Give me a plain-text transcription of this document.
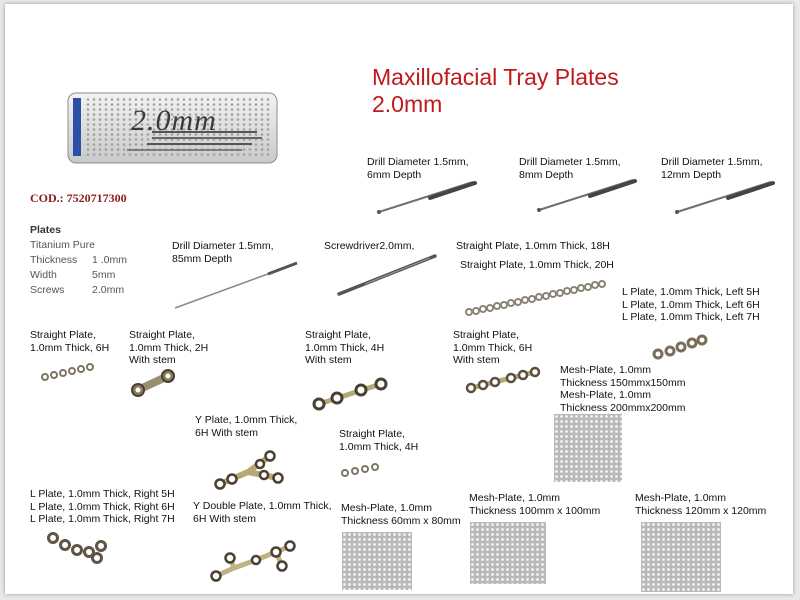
Maxillofacial Tray Plates
2.0mm
2.0mm
COD.: 7520717300
Plates
Titanium Pure
Thickness 1 .0mm
Width	5mm
Screws	2.0mm
Drill Diameter 1.5mm,
6mm Depth
Drill Diameter 1.5mm,
8mm Depth
Drill Diameter 1.5mm,
12mm Depth
Drill Diameter 1.5mm,
85mm Depth
Screwdriver2.0mm,	Straight Plate, 1.0mm Thick, 18H
Straight Plate, 1.0mm Thick, 20H
L Plate, 1.0mm Thick, Left 5H
L Plate, 1.0mm Thick, Left 6H
L Plate, 1.0mm Thick, Left 7H
Straight Plate,
1.0mm Thick, 6H
Straight Plate,
1.0mm Thick, 2H
With stem
Straight Plate,
1.0mm Thick, 4H
With stem
Straight Plate,
1.0mm Thick, 6H
With stem
Mesh-Plate, 1.0mm
Thickness 150mmx150mm
Mesh-Plate, 1.0mm
Thickness 200mmx200mm
Y Plate, 1.0mm Thick,
6H With stem	Straight Plate,
1.0mm Thick, 4H
L Plate, 1.0mm Thick, Right 5H
L Plate, 1.0mm Thick, Right 6H
L Plate, 1.0mm Thick, Right 7H
Y Double Plate, 1.0mm Thick,
6H With stem
Mesh-Plate, 1.0mm
Thickness 60mm x 80mm
Mesh-Plate, 1.0mm
Thickness 100mm x 100mm
Mesh-Plate, 1.0mm
Thickness 120mm x 120mm
